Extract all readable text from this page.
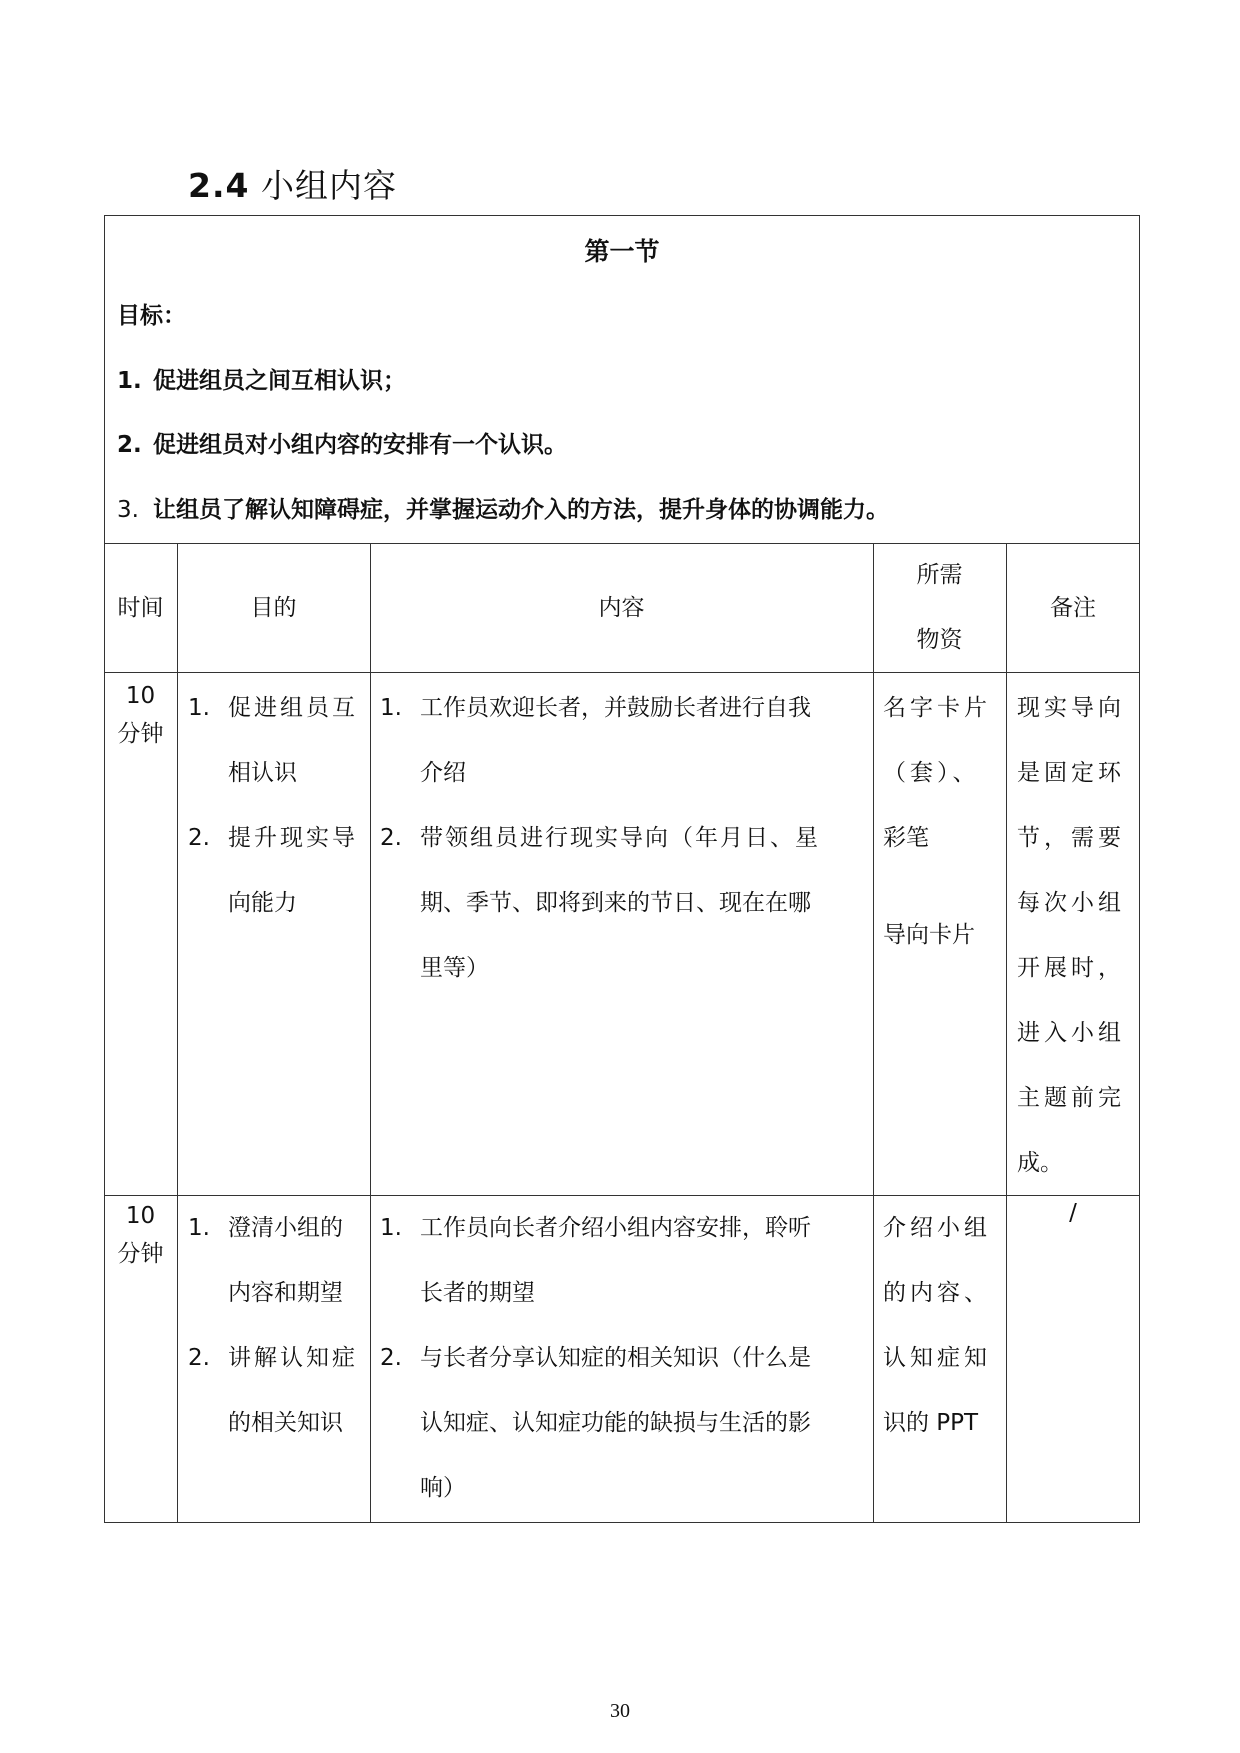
2.4 小组内容
第一节
目标：
1. 促进组员之间互相认识；
2. 促进组员对小组内容的安排有一个认识。
3. 让组员了解认知障碍症，并掌握运动介入的方法，提升身体的协调能力。
时间	目的	内容
所需
物资
备注
10
分钟
1. 促进组员互
相认识
2. 提升现实导
向能力
1. 工作员欢迎长者，并鼓励长者进行自我
介绍
2. 带领组员进行现实导向（年月日、星
期、季节、即将到来的节日、现在在哪
里等）
名字卡片
（套）、
彩笔
导向卡片
现实导向
是固定环
节，需要
每次小组
开展时，
进入小组
主题前完
成。
10
分钟
1. 澄清小组的
内容和期望
2. 讲解认知症
的相关知识
1. 工作员向长者介绍小组内容安排，聆听
长者的期望
2. 与长者分享认知症的相关知识（什么是
认知症、认知症功能的缺损与生活的影
响）
介绍小组
的内容、
认知症知
识的 PPT
/
30
